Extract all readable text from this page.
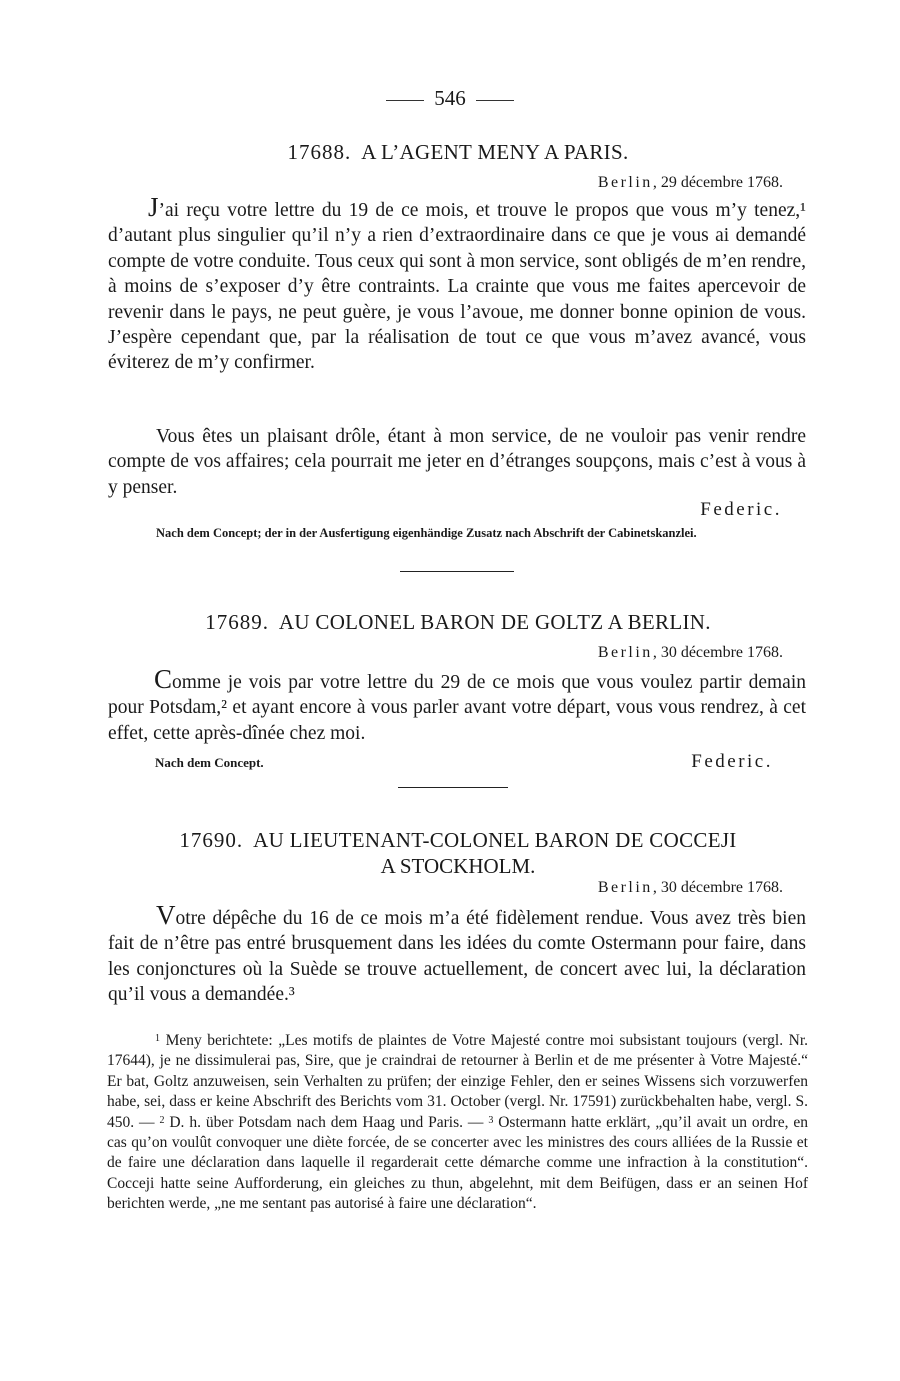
546
17688. A L’AGENT MENY A PARIS.
Berlin, 29 décembre 1768.

J’ai reçu votre lettre du 19 de ce mois, et trouve le propos que vous m’y tenez,¹ d’autant plus singulier qu’il n’y a rien d’extraordinaire dans ce que je vous ai demandé compte de votre conduite. Tous ceux qui sont à mon service, sont obligés de m’en rendre, à moins de s’exposer d’y être contraints. La crainte que vous me faites apercevoir de revenir dans le pays, ne peut guère, je vous l’avoue, me donner bonne opinion de vous. J’espère cependant que, par la réalisation de tout ce que vous m’avez avancé, vous éviterez de m’y confirmer.

Vous êtes un plaisant drôle, étant à mon service, de ne vouloir pas venir rendre compte de vos affaires; cela pourrait me jeter en d’étranges soupçons, mais c’est à vous à y penser.

Federic.

Nach dem Concept; der in der Ausfertigung eigenhändige Zusatz nach Abschrift der Cabinetskanzlei.

17689. AU COLONEL BARON DE GOLTZ A BERLIN.
Berlin, 30 décembre 1768.

Comme je vois par votre lettre du 29 de ce mois que vous voulez partir demain pour Potsdam,² et ayant encore à vous parler avant votre départ, vous vous rendrez, à cet effet, cette après-dînée chez moi.

Nach dem Concept.	Federic.
17690. AU LIEUTENANT-COLONEL BARON DE COCCEJI
A STOCKHOLM.
Berlin, 30 décembre 1768.

Votre dépêche du 16 de ce mois m’a été fidèlement rendue. Vous avez très bien fait de n’être pas entré brusquement dans les idées du comte Ostermann pour faire, dans les conjonctures où la Suède se trouve actuellement, de concert avec lui, la déclaration qu’il vous a demandée.³

$^1$ Meny berichtete: „Les motifs de plaintes de Votre Majesté contre moi subsistant toujours (vergl. Nr. 17644), je ne dissimulerai pas, Sire, que je craindrai de retourner à Berlin et de me présenter à Votre Majesté.“ Er bat, Goltz anzuweisen, sein Verhalten zu prüfen; der einzige Fehler, den er seines Wissens sich vorzuwerfen habe, sei, dass er keine Abschrift des Berichts vom 31. October (vergl. Nr. 17591) zurückbehalten habe, vergl. S. 450. — $^2$ D. h. über Potsdam nach dem Haag und Paris. — $^3$ Ostermann hatte erklärt, „qu’il avait un ordre, en cas qu’on voulût convoquer une diète forcée, de se concerter avec les ministres des cours alliées de la Russie et de faire une déclaration dans laquelle il regarderait cette démarche comme une infraction à la constitution“. Cocceji hatte seine Aufforderung, ein gleiches zu thun, abgelehnt, mit dem Beifügen, dass er an seinen Hof berichten werde, „ne me sentant pas autorisé à faire une déclaration“.
